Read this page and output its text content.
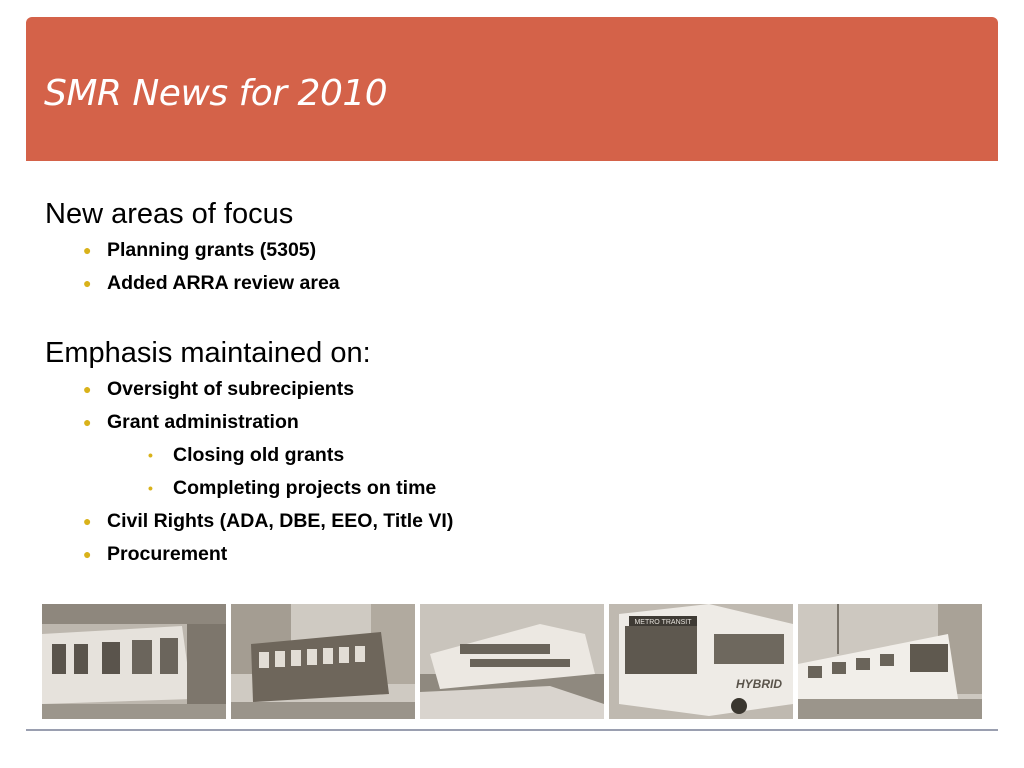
SMR News for 2010
New areas of focus
● Planning grants (5305)
● Added ARRA review area
Emphasis maintained on:
● Oversight of subrecipients
● Grant administration
• Closing old grants
• Completing projects on time
● Civil Rights (ADA, DBE, EEO, Title VI)
● Procurement
METRO TRANSIT
HYBRID
